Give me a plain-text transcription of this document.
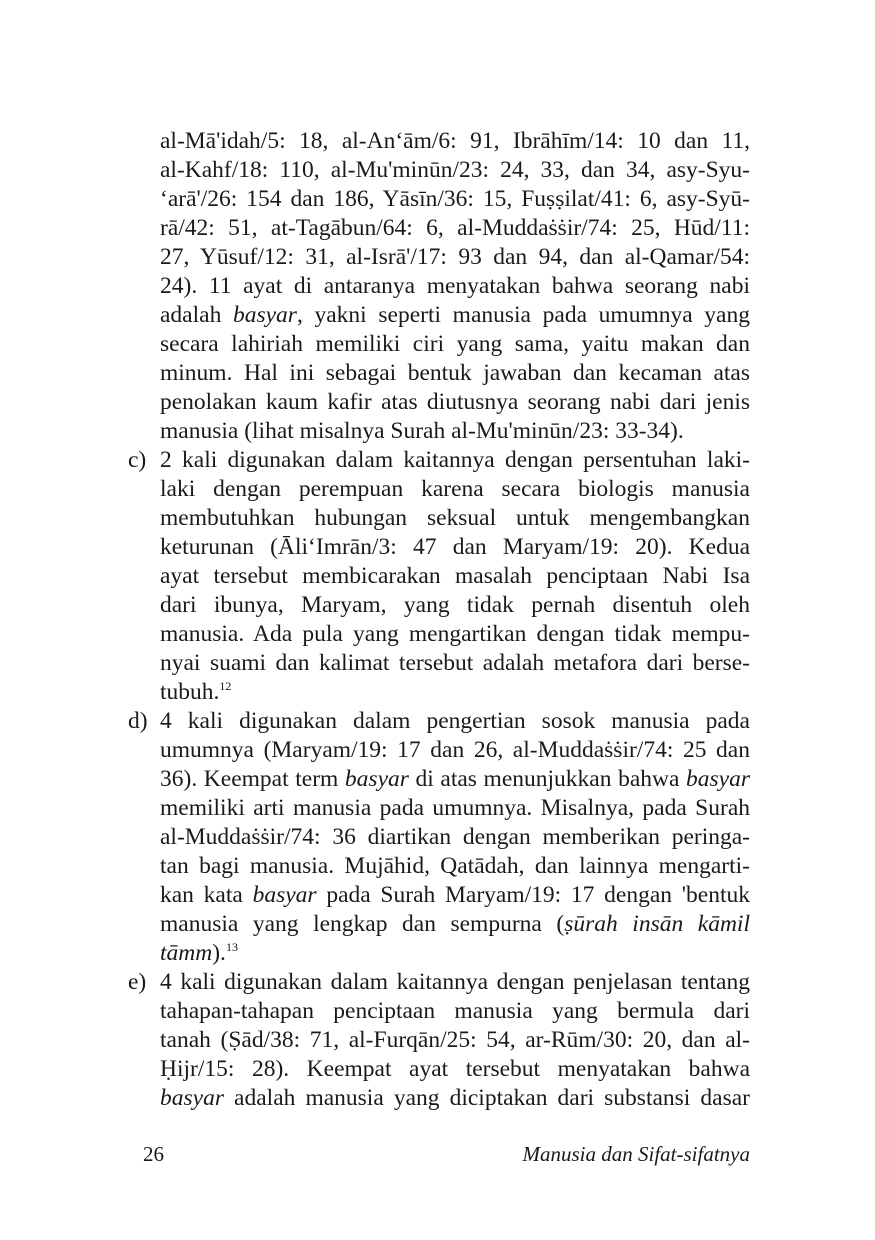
al-Mā'idah/5: 18, al-An‘ām/6: 91, Ibrāhīm/14: 10 dan 11,
al-Kahf/18: 110, al-Mu'minūn/23: 24, 33, dan 34, asy-Syu-
‘arā'/26: 154 dan 186, Yāsīn/36: 15, Fuṣṣilat/41: 6, asy-Syū-
rā/42: 51, at-Tagābun/64: 6, al-Muddaṡṡir/74: 25, Hūd/11:
27, Yūsuf/12: 31, al-Isrā'/17: 93 dan 94, dan al-Qamar/54:
24). 11 ayat di antaranya menyatakan bahwa seorang nabi
adalah basyar, yakni seperti manusia pada umumnya yang
secara lahiriah memiliki ciri yang sama, yaitu makan dan
minum. Hal ini sebagai bentuk jawaban dan kecaman atas
penolakan kaum kafir atas diutusnya seorang nabi dari jenis
manusia (lihat misalnya Surah al-Mu'minūn/23: 33-34).
c) 2 kali digunakan dalam kaitannya dengan persentuhan laki-
laki dengan perempuan karena secara biologis manusia
membutuhkan hubungan seksual untuk mengembangkan
keturunan (Āli‘Imrān/3: 47 dan Maryam/19: 20). Kedua
ayat tersebut membicarakan masalah penciptaan Nabi Isa
dari ibunya, Maryam, yang tidak pernah disentuh oleh
manusia. Ada pula yang mengartikan dengan tidak mempu-
nyai suami dan kalimat tersebut adalah metafora dari berse-
tubuh.$^{12}$
d) 4 kali digunakan dalam pengertian sosok manusia pada
umumnya (Maryam/19: 17 dan 26, al-Muddaṡṡir/74: 25 dan
36). Keempat term basyar di atas menunjukkan bahwa basyar
memiliki arti manusia pada umumnya. Misalnya, pada Surah
al-Muddaṡṡir/74: 36 diartikan dengan memberikan peringa-
tan bagi manusia. Mujāhid, Qatādah, dan lainnya mengarti-
kan kata basyar pada Surah Maryam/19: 17 dengan 'bentuk
manusia yang lengkap dan sempurna (ṣūrah insān kāmil
tāmm).$^{13}$
e) 4 kali digunakan dalam kaitannya dengan penjelasan tentang
tahapan-tahapan penciptaan manusia yang bermula dari
tanah (Ṣād/38: 71, al-Furqān/25: 54, ar-Rūm/30: 20, dan al-
Ḥijr/15: 28). Keempat ayat tersebut menyatakan bahwa
basyar adalah manusia yang diciptakan dari substansi dasar
26	Manusia dan Sifat-sifatnya
